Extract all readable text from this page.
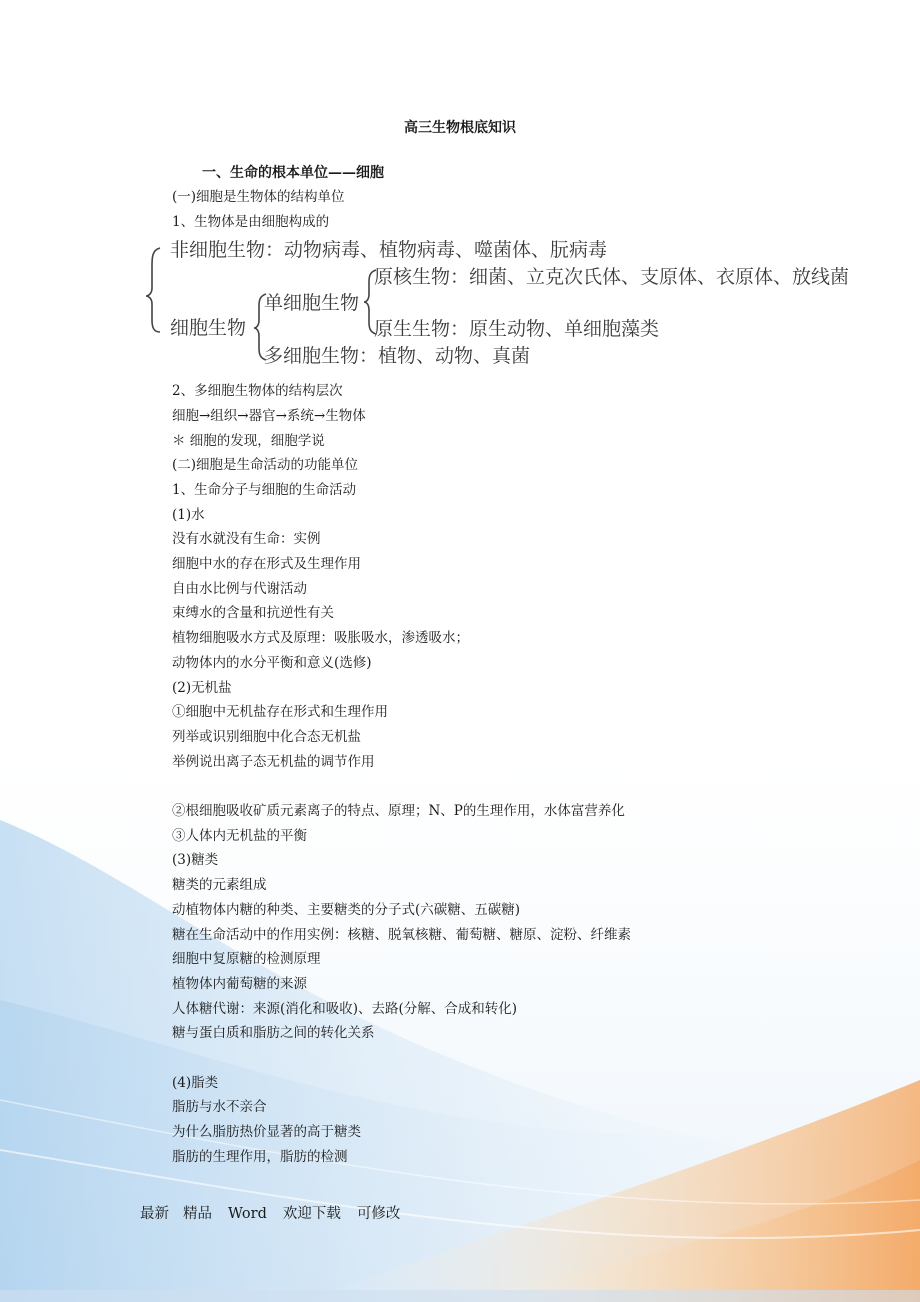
高三生物根底知识
一、生命的根本单位——细胞
(一)细胞是生物体的结构单位
1、生物体是由细胞构成的
非细胞生物：动物病毒、植物病毒、噬菌体、朊病毒
细胞生物
单细胞生物
原核生物：细菌、立克次氏体、支原体、衣原体、放线菌
原生生物：原生动物、单细胞藻类
多细胞生物：植物、动物、真菌
2、多细胞生物体的结构层次
细胞→组织→器官→系统→生物体
＊ 细胞的发现，细胞学说
(二)细胞是生命活动的功能单位
1、生命分子与细胞的生命活动
(1)水
没有水就没有生命：实例
细胞中水的存在形式及生理作用
自由水比例与代谢活动
束缚水的含量和抗逆性有关
植物细胞吸水方式及原理：吸胀吸水，渗透吸水；
动物体内的水分平衡和意义(选修)
(2)无机盐
①细胞中无机盐存在形式和生理作用
列举或识别细胞中化合态无机盐
举例说出离子态无机盐的调节作用
②根细胞吸收矿质元素离子的特点、原理；N、P的生理作用，水体富营养化
③人体内无机盐的平衡
(3)糖类
糖类的元素组成
动植物体内糖的种类、主要糖类的分子式(六碳糖、五碳糖)
糖在生命活动中的作用实例：核糖、脱氧核糖、葡萄糖、糖原、淀粉、纤维素
细胞中复原糖的检测原理
植物体内葡萄糖的来源
人体糖代谢：来源(消化和吸收)、去路(分解、合成和转化)
糖与蛋白质和脂肪之间的转化关系
(4)脂类
脂肪与水不亲合
为什么脂肪热价显著的高于糖类
脂肪的生理作用，脂肪的检测
最新 精品 Word 欢迎下载 可修改
